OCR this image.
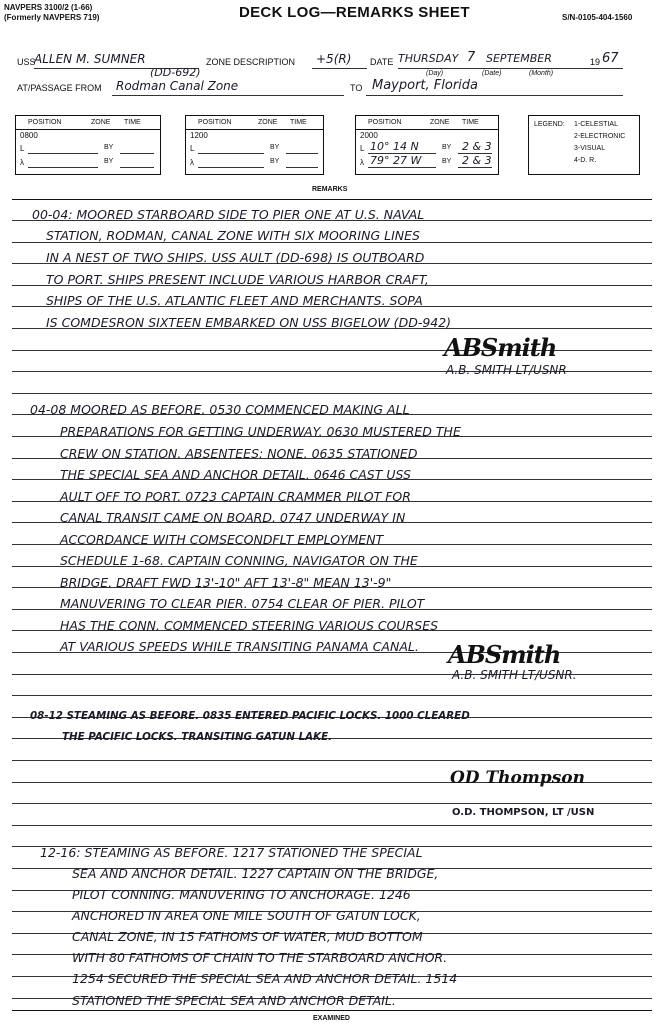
NAVPERS 3100/2 (1-66)
(Formerly NAVPERS 719)	DECK LOG—REMARKS SHEET	S/N-0105-404-1560
USS
ALLEN M. SUMNER
(DD-692)
ZONE DESCRIPTION +5(R) DATE THURSDAY 7 SEPTEMBER	19 67
(Day)	(Date)	(Month)
AT/PASSAGE FROM Rodman Canal Zone	TO Mayport, Florida
POSITION	ZONE TIME
0800
L	BY
λ	BY
POSITION	ZONE TIME
1200
L	BY
λ	BY
POSITION	ZONE TIME
2000
L 10° 14 N	BY 2 & 3
λ 79° 27 W	BY 2 & 3
LEGEND: 1-CELESTIAL
2-ELECTRONIC
3-VISUAL
4-D. R.
REMARKS
00-04: MOORED STARBOARD SIDE TO PIER ONE AT U.S. NAVAL
STATION, RODMAN, CANAL ZONE WITH SIX MOORING LINES
IN A NEST OF TWO SHIPS. USS AULT (DD-698) IS OUTBOARD
TO PORT. SHIPS PRESENT INCLUDE VARIOUS HARBOR CRAFT,
SHIPS OF THE U.S. ATLANTIC FLEET AND MERCHANTS. SOPA
IS COMDESRON SIXTEEN EMBARKED ON USS BIGELOW (DD-942)
ABSmith
A.B. SMITH LT/USNR
04-08 MOORED AS BEFORE. 0530 COMMENCED MAKING ALL
PREPARATIONS FOR GETTING UNDERWAY. 0630 MUSTERED THE
CREW ON STATION. ABSENTEES: NONE. 0635 STATIONED
THE SPECIAL SEA AND ANCHOR DETAIL. 0646 CAST USS
AULT OFF TO PORT. 0723 CAPTAIN CRAMMER PILOT FOR
CANAL TRANSIT CAME ON BOARD. 0747 UNDERWAY IN
ACCORDANCE WITH COMSECONDFLT EMPLOYMENT
SCHEDULE 1-68. CAPTAIN CONNING, NAVIGATOR ON THE
BRIDGE. DRAFT FWD 13'-10" AFT 13'-8" MEAN 13'-9"
MANUVERING TO CLEAR PIER. 0754 CLEAR OF PIER. PILOT
HAS THE CONN. COMMENCED STEERING VARIOUS COURSES
AT VARIOUS SPEEDS WHILE TRANSITING PANAMA CANAL. ABSmith
A.B. SMITH LT/USNR.
08-12 STEAMING AS BEFORE. 0835 ENTERED PACIFIC LOCKS. 1000 CLEARED
THE PACIFIC LOCKS. TRANSITING GATUN LAKE.
OD Thompson
O.D. THOMPSON, LT /USN
12-16: STEAMING AS BEFORE. 1217 STATIONED THE SPECIAL
SEA AND ANCHOR DETAIL. 1227 CAPTAIN ON THE BRIDGE,
PILOT CONNING. MANUVERING TO ANCHORAGE. 1246
ANCHORED IN AREA ONE MILE SOUTH OF GATUN LOCK,
CANAL ZONE, IN 15 FATHOMS OF WATER, MUD BOTTOM
WITH 80 FATHOMS OF CHAIN TO THE STARBOARD ANCHOR.
1254 SECURED THE SPECIAL SEA AND ANCHOR DETAIL. 1514
STATIONED THE SPECIAL SEA AND ANCHOR DETAIL.
EXAMINED
